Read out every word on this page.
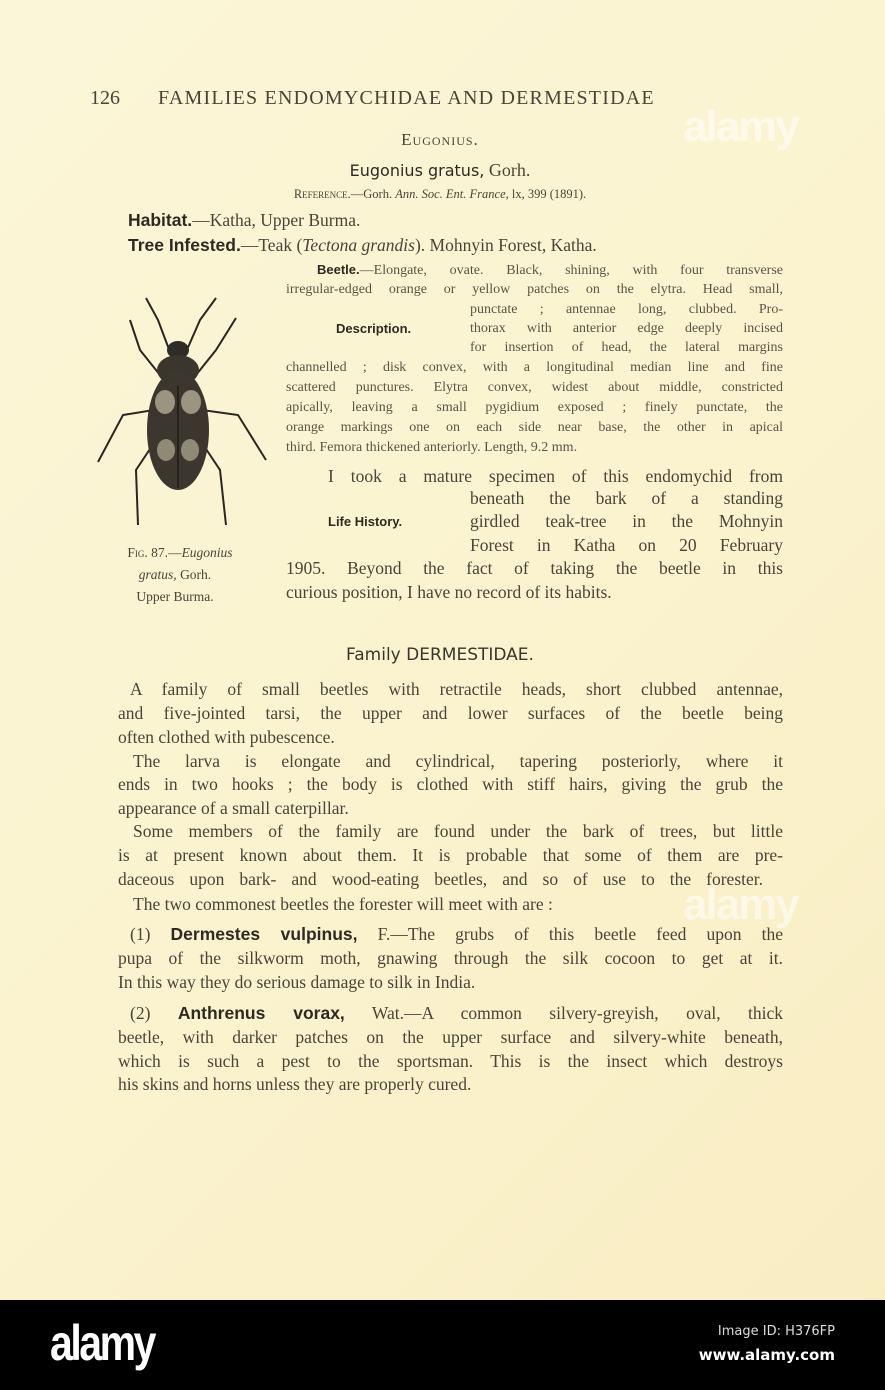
alamy
alamy
126 FAMILIES ENDOMYCHIDAE AND DERMESTIDAE
Eugonius.
Eugonius gratus, Gorh.
Reference.—Gorh. Ann. Soc. Ent. France, lx, 399 (1891).
Habitat.—Katha, Upper Burma.
Tree Infested.—Teak (Tectona grandis). Mohnyin Forest, Katha.
Fig. 87.—Eugonius
gratus, Gorh.
Upper Burma.
Beetle.—Elongate, ovate. Black, shining, with four transverse
irregular-edged orange or yellow patches on the elytra. Head small,
punctate ; antennae long, clubbed. Pro-
Description.	thorax with anterior edge deeply incised
for insertion of head, the lateral margins
channelled ; disk convex, with a longitudinal median line and fine
scattered punctures. Elytra convex, widest about middle, constricted
apically, leaving a small pygidium exposed ; finely punctate, the
orange markings one on each side near base, the other in apical
third. Femora thickened anteriorly. Length, 9.2 mm.
I took a mature specimen of this endomychid from
beneath the bark of a standing
Life History.	girdled teak-tree in the Mohnyin
Forest in Katha on 20 February
1905. Beyond the fact of taking the beetle in this
curious position, I have no record of its habits.
Family DERMESTIDAE.
A family of small beetles with retractile heads, short clubbed antennae,
and five-jointed tarsi, the upper and lower surfaces of the beetle being
often clothed with pubescence.
The larva is elongate and cylindrical, tapering posteriorly, where it
ends in two hooks ; the body is clothed with stiff hairs, giving the grub the
appearance of a small caterpillar.
Some members of the family are found under the bark of trees, but little
is at present known about them. It is probable that some of them are pre-
daceous upon bark- and wood-eating beetles, and so of use to the forester.
The two commonest beetles the forester will meet with are :
(1) Dermestes vulpinus, F.—The grubs of this beetle feed upon the
pupa of the silkworm moth, gnawing through the silk cocoon to get at it.
In this way they do serious damage to silk in India.
(2) Anthrenus vorax, Wat.—A common silvery-greyish, oval, thick
beetle, with darker patches on the upper surface and silvery-white beneath,
which is such a pest to the sportsman. This is the insect which destroys
his skins and horns unless they are properly cured.
alamy	Image ID: H376FP
www.alamy.com
